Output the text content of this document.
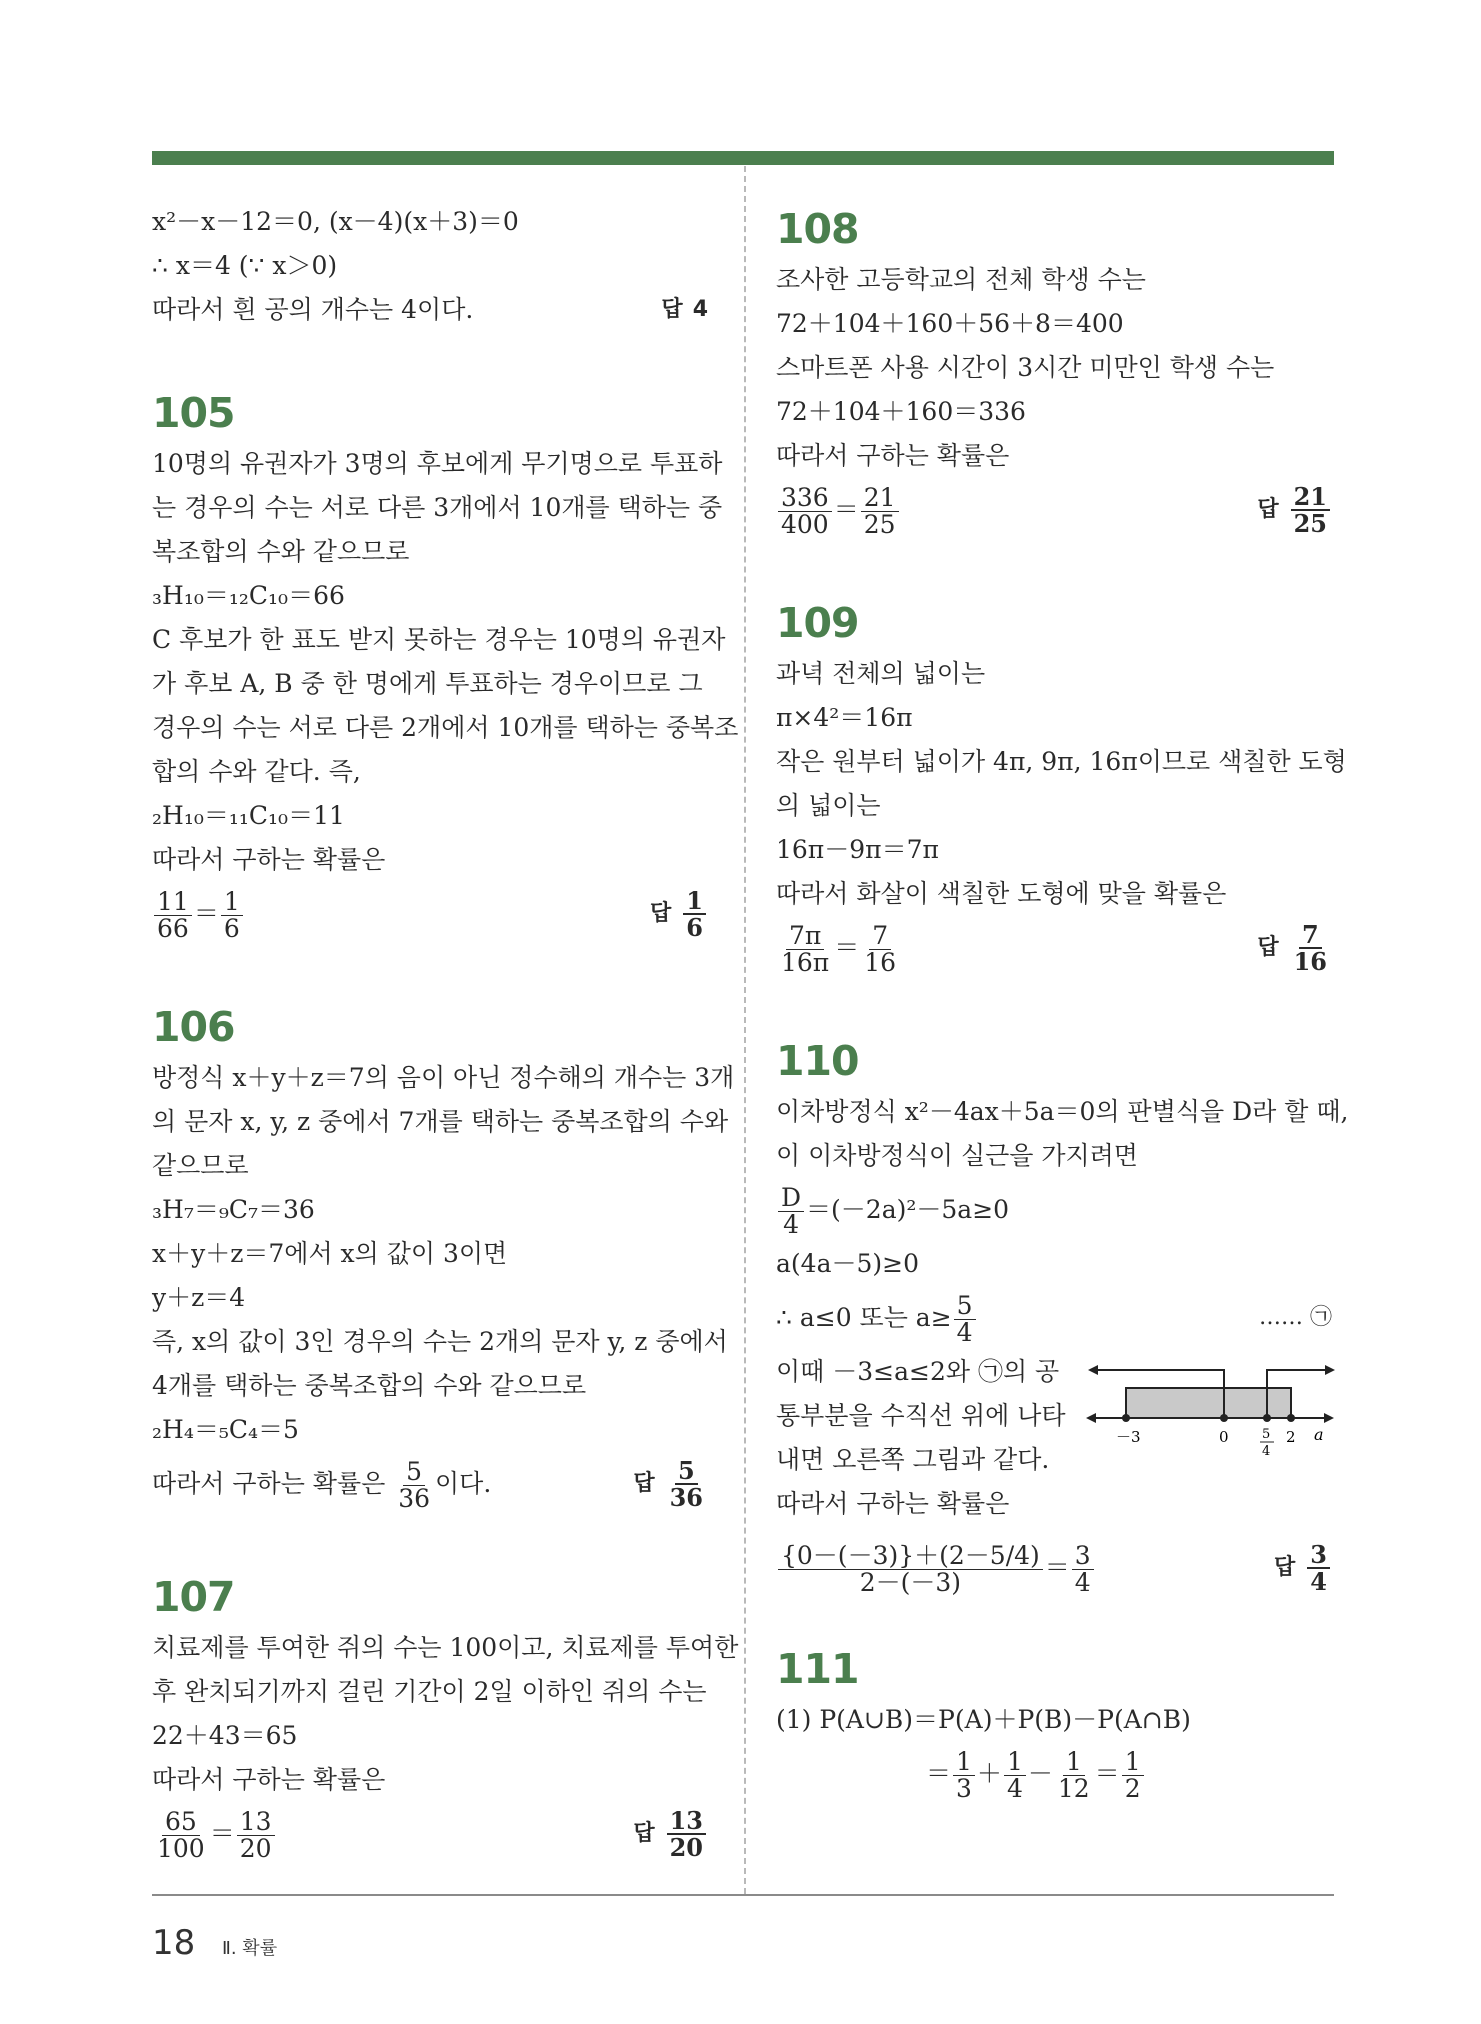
x²－x－12＝0, (x－4)(x＋3)＝0
∴ x＝4 (∵ x＞0)
따라서 흰 공의 개수는 4이다.	답 4
105
10명의 유권자가 3명의 후보에게 무기명으로 투표하
는 경우의 수는 서로 다른 3개에서 10개를 택하는 중
복조합의 수와 같으므로
₃H₁₀＝₁₂C₁₀＝66
C 후보가 한 표도 받지 못하는 경우는 10명의 유권자
가 후보 A, B 중 한 명에게 투표하는 경우이므로 그
경우의 수는 서로 다른 2개에서 10개를 택하는 중복조
합의 수와 같다. 즉,
₂H₁₀＝₁₁C₁₀＝11
따라서 구하는 확률은
$\frac{11}{66} = \frac{1}{6}$	답 $\frac{1}{6}$
106
방정식 x＋y＋z＝7의 음이 아닌 정수해의 개수는 3개
의 문자 x, y, z 중에서 7개를 택하는 중복조합의 수와
같으므로
₃H₇＝₉C₇＝36
x＋y＋z＝7에서 x의 값이 3이면
y＋z＝4
즉, x의 값이 3인 경우의 수는 2개의 문자 y, z 중에서
4개를 택하는 중복조합의 수와 같으므로
₂H₄＝₅C₄＝5
따라서 구하는 확률은 $\frac{5}{36}$ 이다.	답 $\frac{5}{36}$
107
치료제를 투여한 쥐의 수는 100이고, 치료제를 투여한
후 완치되기까지 걸린 기간이 2일 이하인 쥐의 수는
22＋43＝65
따라서 구하는 확률은
$\frac{65}{100} = \frac{13}{20}$	답 $\frac{13}{20}$
108
조사한 고등학교의 전체 학생 수는
72＋104＋160＋56＋8＝400
스마트폰 사용 시간이 3시간 미만인 학생 수는
72＋104＋160＝336
따라서 구하는 확률은
$\frac{336}{400} = \frac{21}{25}$	답 $\frac{21}{25}$
109
과녁 전체의 넓이는
π×4²＝16π
작은 원부터 넓이가 4π, 9π, 16π이므로 색칠한 도형
의 넓이는
16π－9π＝7π
따라서 화살이 색칠한 도형에 맞을 확률은
$\frac{7\pi}{16\pi} = \frac{7}{16}$	답 $\frac{7}{16}$
110
이차방정식 x²－4ax＋5a＝0의 판별식을 D라 할 때,
이 이차방정식이 실근을 가지려면
$\frac{D}{4} =(-2a)^2-5a\ge 0$
a(4a－5)≥0
∴ a≤0 또는 $a\ge \frac{5}{4}$	…… ㉠
이때 －3≤a≤2와 ㉠의 공
통부분을 수직선 위에 나타
내면 오른쪽 그림과 같다.
－3	0	5
4
2 a
따라서 구하는 확률은
$\frac{\{0-(-3)\}+(2-5/4)}{2-(-3)} = \frac{3}{4}$	답 $\frac{3}{4}$
111
(1) P(A∪B)＝P(A)＋P(B)－P(A∩B)
＝ $\frac{1}{3} + \frac{1}{4} - \frac{1}{12} = \frac{1}{2}$
18 Ⅱ. 확률
